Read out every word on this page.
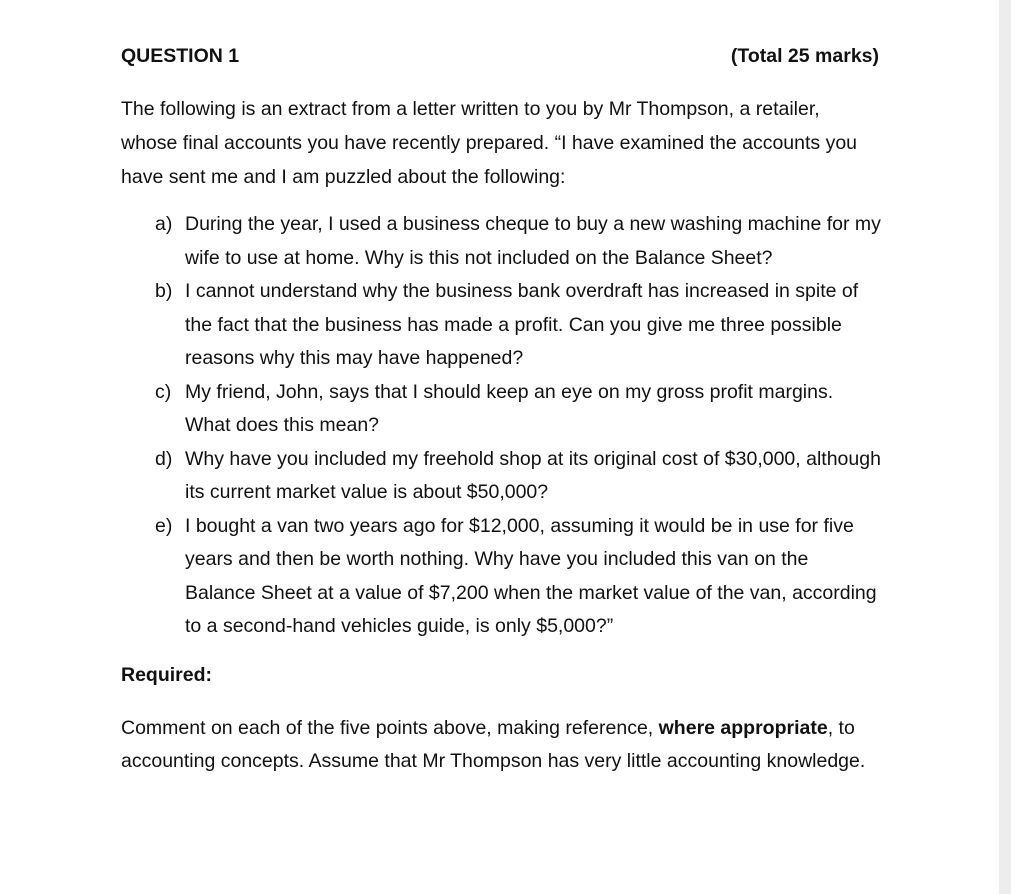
QUESTION 1	(Total 25 marks)

The following is an extract from a letter written to you by Mr Thompson, a retailer,

whose final accounts you have recently prepared. “I have examined the accounts you

have sent me and I am puzzled about the following:

a) During the year, I used a business cheque to buy a new washing machine for my
wife to use at home. Why is this not included on the Balance Sheet?
b) I cannot understand why the business bank overdraft has increased in spite of
the fact that the business has made a profit. Can you give me three possible
reasons why this may have happened?
c) My friend, John, says that I should keep an eye on my gross profit margins.
What does this mean?
d) Why have you included my freehold shop at its original cost of $30,000, although
its current market value is about $50,000?
e) I bought a van two years ago for $12,000, assuming it would be in use for five
years and then be worth nothing. Why have you included this van on the
Balance Sheet at a value of $7,200 when the market value of the van, according
to a second-hand vehicles guide, is only $5,000?”
Required:
Comment on each of the five points above, making reference, where appropriate, to
accounting concepts. Assume that Mr Thompson has very little accounting knowledge.
